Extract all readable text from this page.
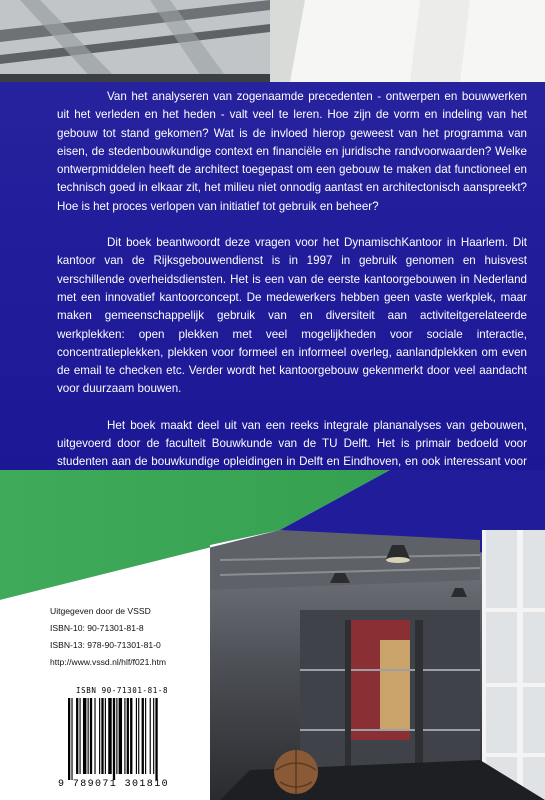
Van het analyseren van zogenaamde precedenten - ontwerpen en bouwwerken uit het verleden en het heden - valt veel te leren. Hoe zijn de vorm en indeling van het gebouw tot stand gekomen? Wat is de invloed hierop geweest van het programma van eisen, de stedenbouwkundige context en financiële en juridische randvoorwaarden? Welke ontwerpmiddelen heeft de architect toegepast om een gebouw te maken dat functioneel en technisch goed in elkaar zit, het milieu niet onnodig aantast en architectonisch aanspreekt? Hoe is het proces verlopen van initiatief tot gebruik en beheer?

Dit boek beantwoordt deze vragen voor het DynamischKantoor in Haarlem. Dit kantoor van de Rijksgebouwendienst is in 1997 in gebruik genomen en huisvest verschillende overheidsdiensten. Het is een van de eerste kantoorgebouwen in Nederland met een innovatief kantoorconcept. De medewerkers hebben geen vaste werkplek, maar maken gemeenschappelijk gebruik van en diversiteit aan activiteitgerelateerde werkplekken: open plekken met veel mogelijkheden voor sociale interactie, concentratieplekken, plekken voor formeel en informeel overleg, aanlandplekken om even de email te checken etc. Verder wordt het kantoorgebouw gekenmerkt door veel aandacht voor duurzaam bouwen.

Het boek maakt deel uit van een reeks integrale plananalyses van gebouwen, uitgevoerd door de faculteit Bouwkunde van de TU Delft. Het is primair bedoeld voor studenten aan de bouwkundige opleidingen in Delft en Eindhoven, en ook interessant voor

Uitgegeven door de VSSD
ISBN-10: 90-71301-81-8
ISBN-13: 978-90-71301-81-0
http://www.vssd.nl/hlf/f021.htm
ISBN 90-71301-81-8
9 789071 301810
